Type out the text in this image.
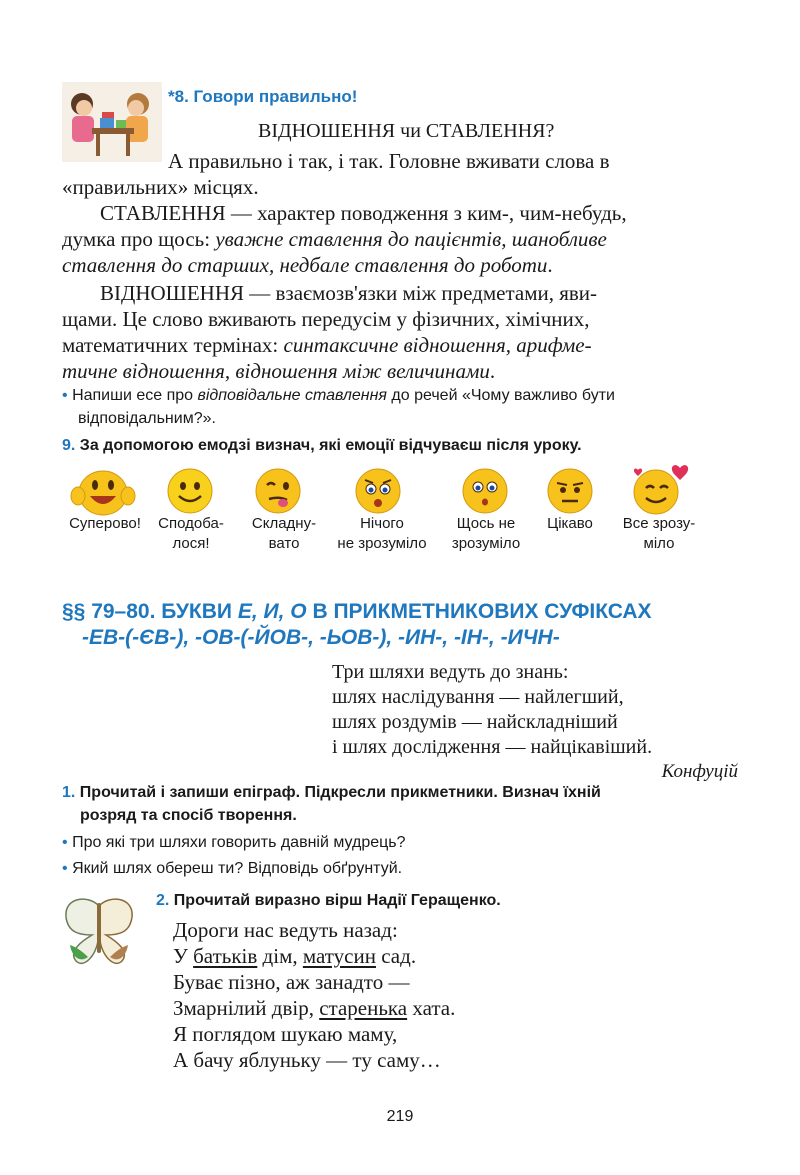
*8. Говори правильно!
ВІДНОШЕННЯ чи СТАВЛЕННЯ?
А правильно і так, і так. Головне вживати слова в
«правильних» місцях.
СТАВЛЕННЯ — характер поводження з ким-, чим-небудь,
думка про щось: уважне ставлення до пацієнтів, шанобливе
ставлення до старших, недбале ставлення до роботи.
ВІДНОШЕННЯ — взаємозв'язки між предметами, яви-
щами. Це слово вживають передусім у фізичних, хімічних,
математичних термінах: синтаксичне відношення, арифме-
тичне відношення, відношення між величинами.
• Напиши есе про відповідальне ставлення до речей «Чому важливо бути
відповідальним?».
9. За допомогою емодзі визнач, які емоції відчуваєш після уроку.
Суперово!	Сподоба-
лося!
Складну-
вато
Нічого
не зрозуміло
Щось не
зрозуміло
Цікаво	Все зрозу-
міло
§§ 79–80. БУКВИ Е, И, О В ПРИКМЕТНИКОВИХ СУФІКСАХ
-ЕВ-(-ЄВ-), -ОВ-(-ЙОВ-, -ЬОВ-), -ИН-, -ІН-, -ИЧН-
Три шляхи ведуть до знань:
шлях наслідування — найлегший,
шлях роздумів — найскладніший
і шлях дослідження — найцікавіший.
Конфуцій
1. Прочитай і запиши епіграф. Підкресли прикметники. Визнач їхній
розряд та спосіб творення.
• Про які три шляхи говорить давній мудрець?
• Який шлях обереш ти? Відповідь обґрунтуй.
2. Прочитай виразно вірш Надії Геращенко.
Дороги нас ведуть назад:
У батьків дім, матусин сад.
Буває пізно, аж занадто —
Змарнілий двір, старенька хата.
Я поглядом шукаю маму,
А бачу яблуньку — ту саму…
219
